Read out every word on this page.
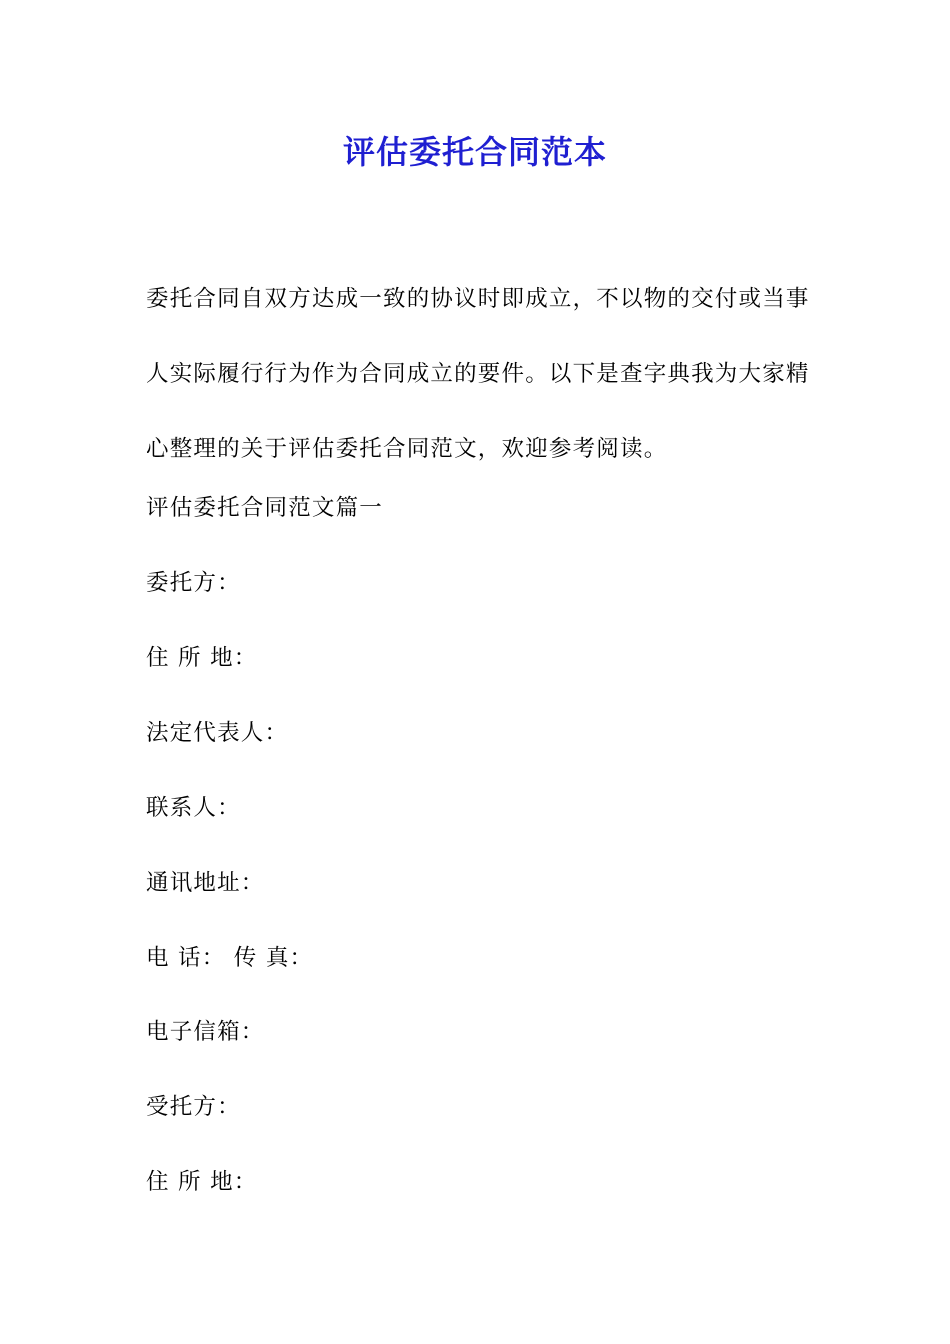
评估委托合同范本

委托合同自双方达成一致的协议时即成立，不以物的交付或当事人实际履行行为作为合同成立的要件。以下是查字典我为大家精心整理的关于评估委托合同范文，欢迎参考阅读。

评估委托合同范文篇一

委托方：

住 所 地：

法定代表人：

联系人：

通讯地址：

电 话： 传 真：

电子信箱：

受托方：

住 所 地：
